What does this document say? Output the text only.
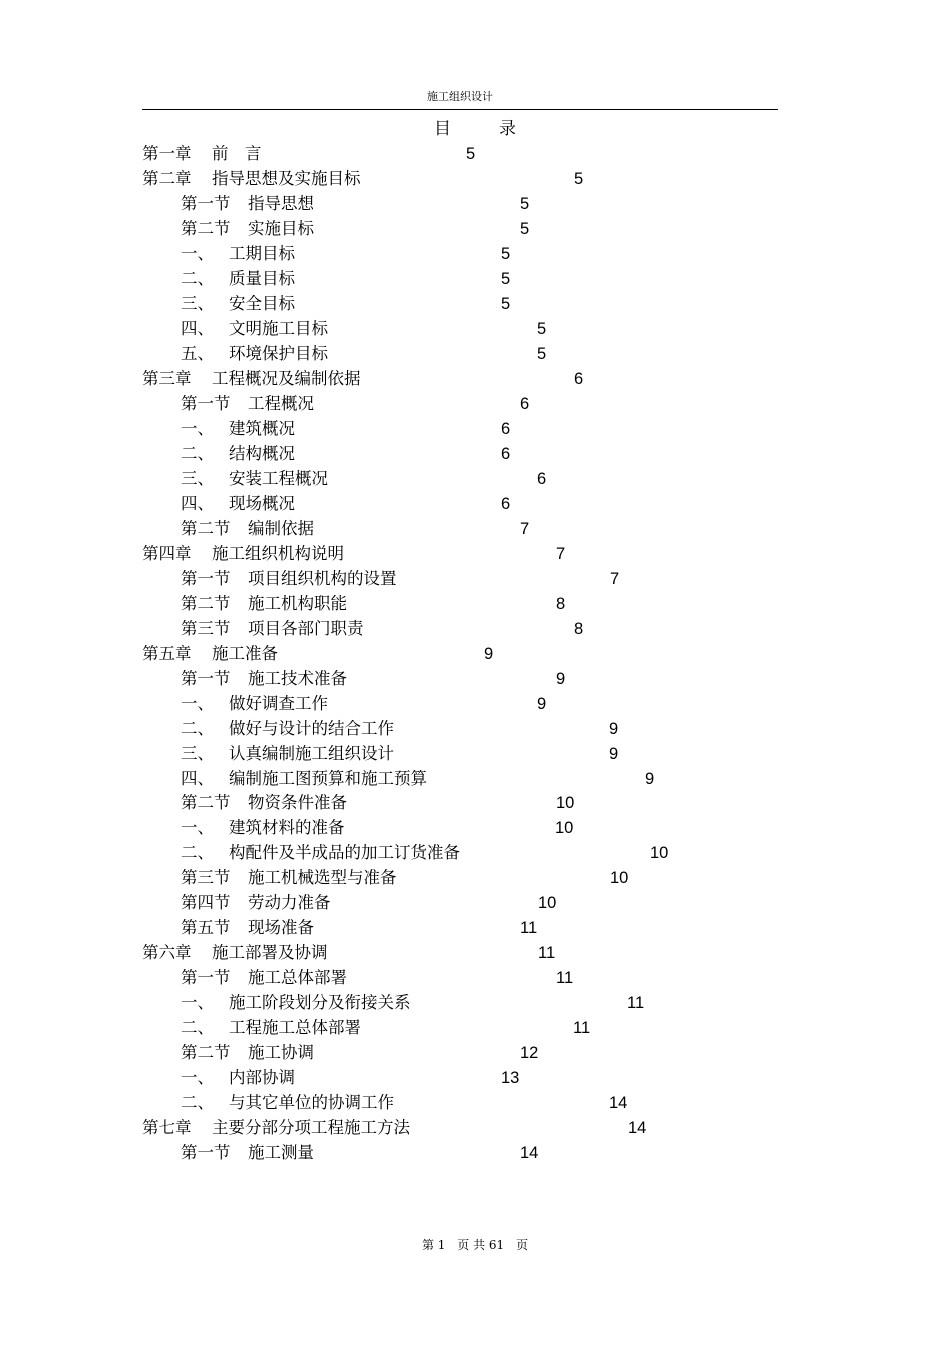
施工组织设计
目	录
第一章 前　言	5
第二章 指导思想及实施目标	5
第一节 指导思想	5
第二节 实施目标	5
一、 工期目标	5
二、 质量目标	5
三、 安全目标	5
四、 文明施工目标	5
五、 环境保护目标	5
第三章 工程概况及编制依据	6
第一节 工程概况	6
一、 建筑概况	6
二、 结构概况	6
三、 安装工程概况	6
四、 现场概况	6
第二节 编制依据	7
第四章 施工组织机构说明	7
第一节 项目组织机构的设置	7
第二节 施工机构职能	8
第三节 项目各部门职责	8
第五章 施工准备	9
第一节 施工技术准备	9
一、 做好调查工作	9
二、 做好与设计的结合工作	9
三、 认真编制施工组织设计	9
四、 编制施工图预算和施工预算	9
第二节 物资条件准备	10
一、 建筑材料的准备	10
二、 构配件及半成品的加工订货准备	10
第三节 施工机械选型与准备	10
第四节 劳动力准备	10
第五节 现场准备	11
第六章 施工部署及协调	11
第一节 施工总体部署	11
一、 施工阶段划分及衔接关系	11
二、 工程施工总体部署	11
第二节 施工协调	12
一、 内部协调	13
二、 与其它单位的协调工作	14
第七章 主要分部分项工程施工方法	14
第一节 施工测量	14
第 1 页 共 61 页
